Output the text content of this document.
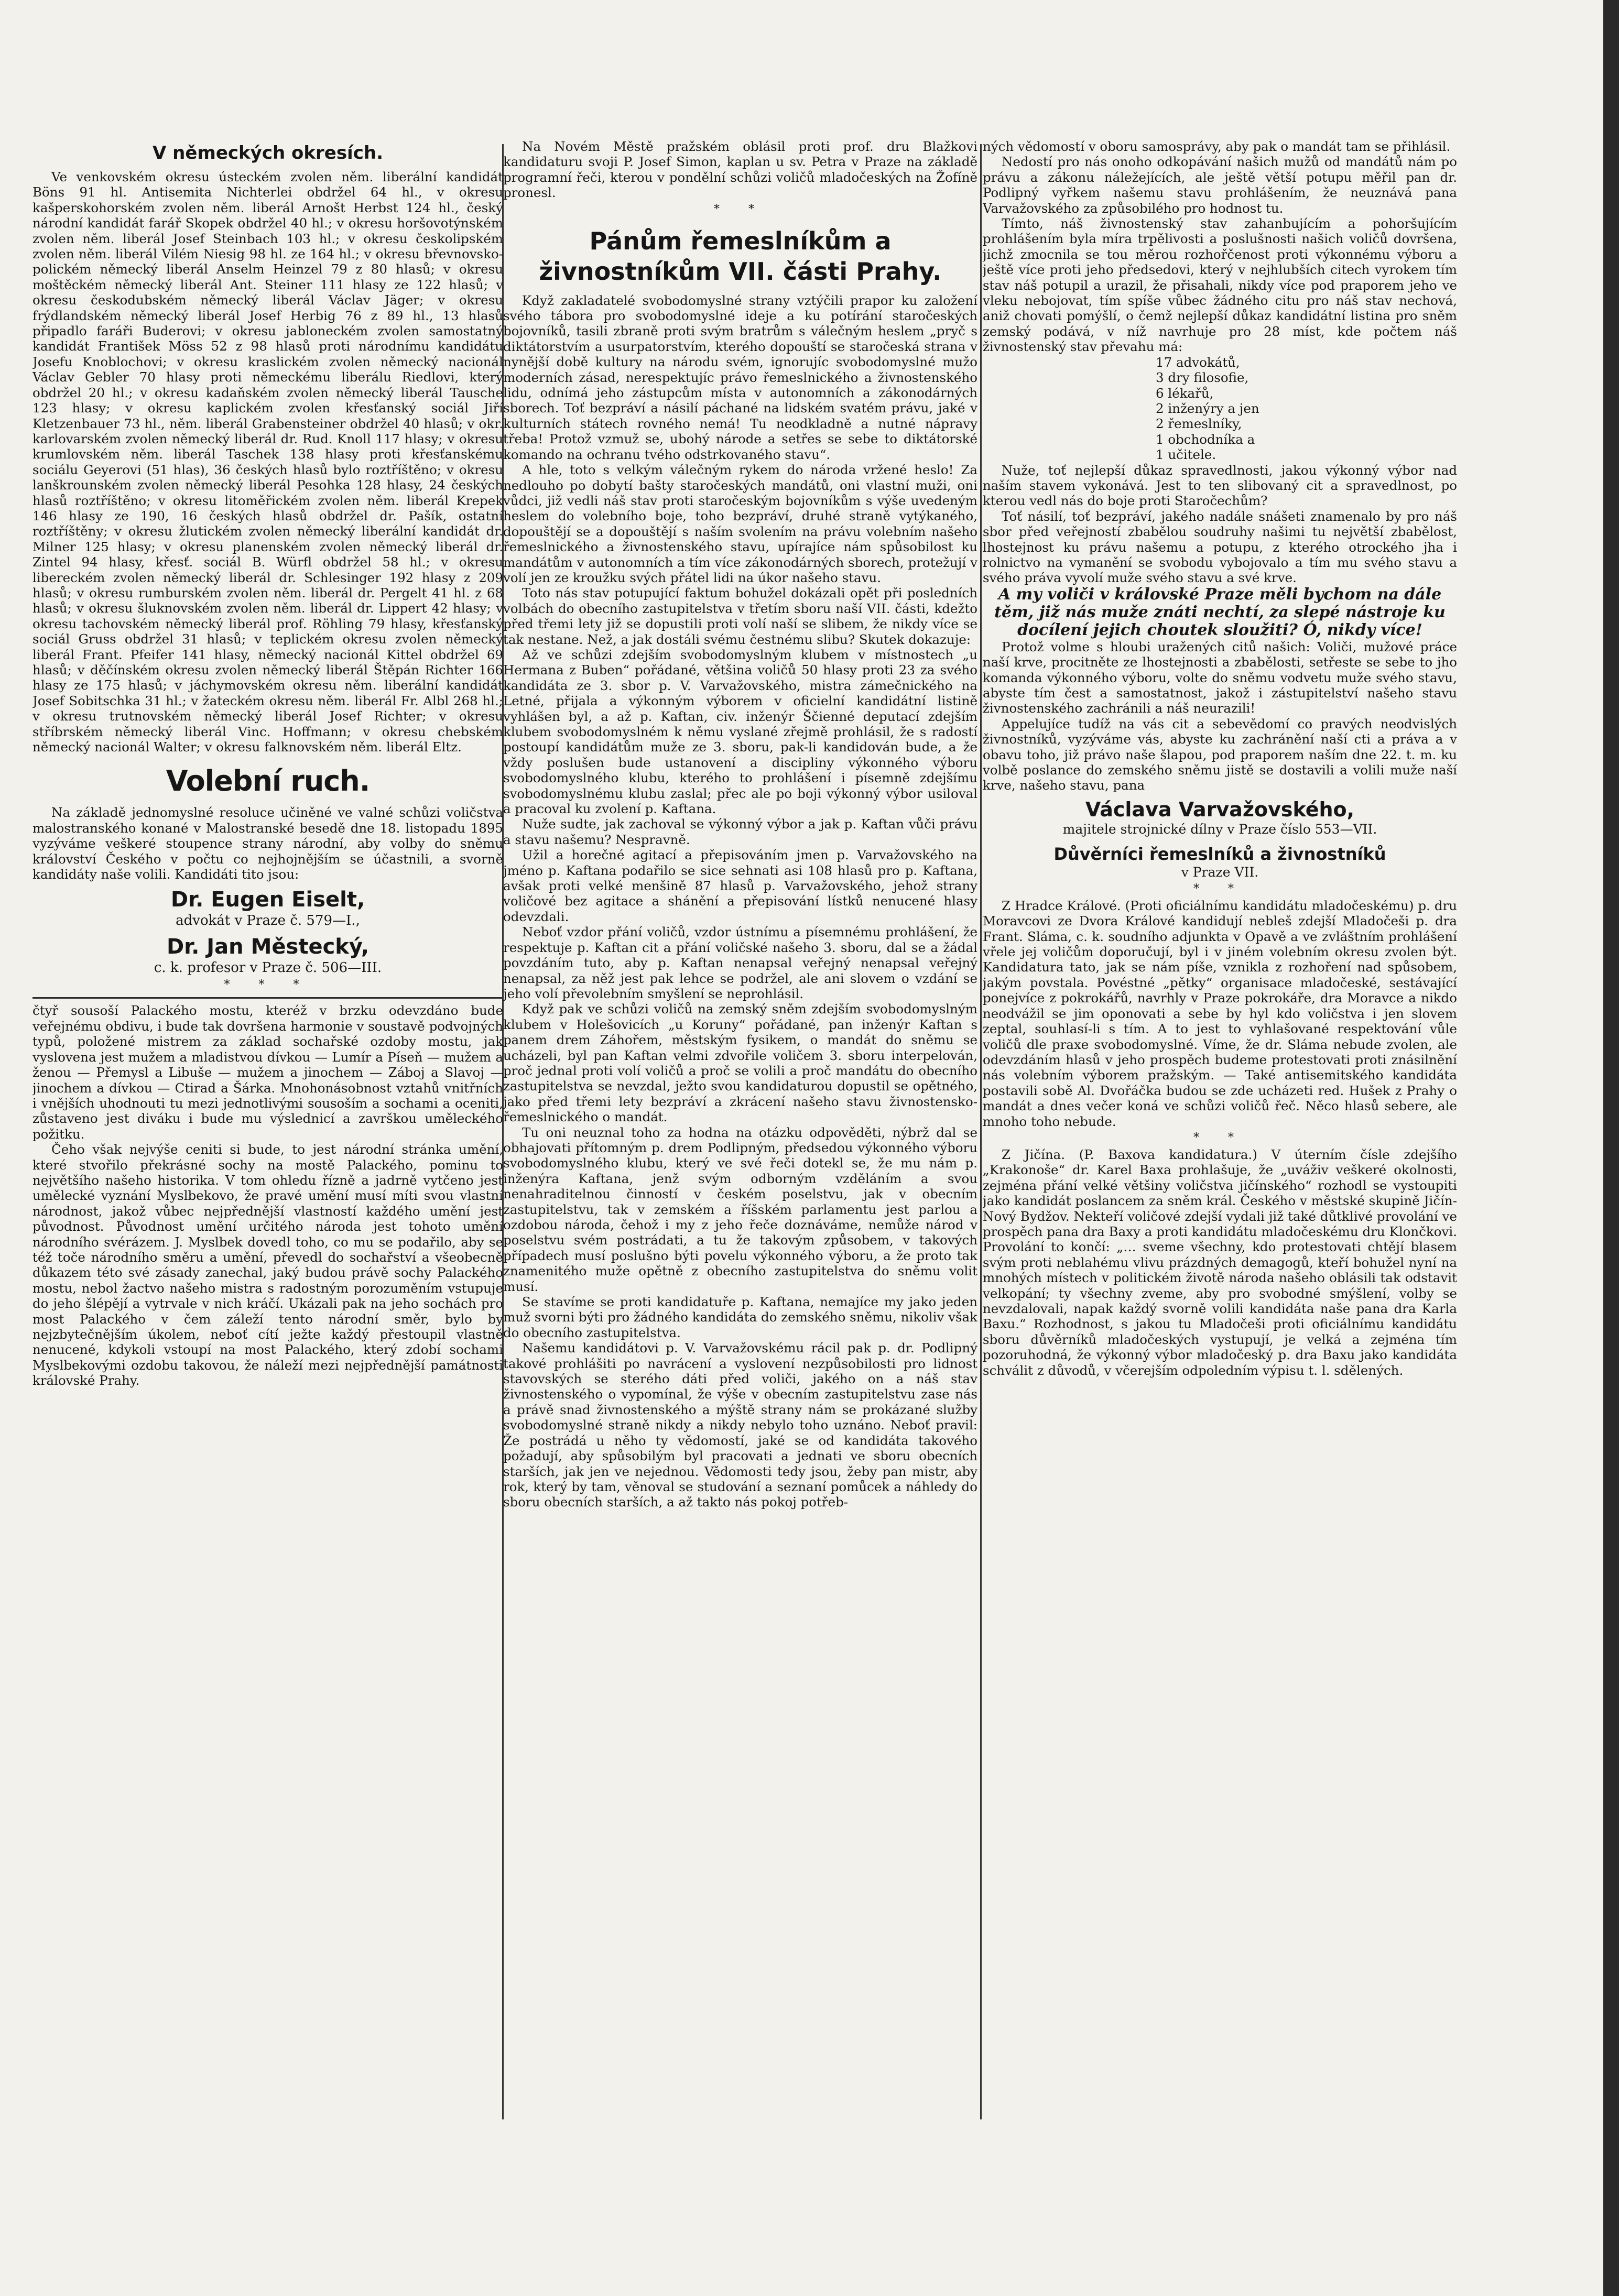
V německých okresích.

Ve venkovském okresu ústeckém zvolen něm. liberální kandidát Böns 91 hl. Antisemita Nichterlei obdržel 64 hl., v okresu kašperskohorském zvolen něm. liberál Arnošt Herbst 124 hl., český národní kandidát farář Skopek obdržel 40 hl.; v okresu horšovotýnském zvolen něm. liberál Josef Steinbach 103 hl.; v okresu českolipském zvolen něm. liberál Vilém Niesig 98 hl. ze 164 hl.; v okresu břevnovsko-polickém německý liberál Anselm Heinzel 79 z 80 hlasů; v okresu moštěckém německý liberál Ant. Steiner 111 hlasy ze 122 hlasů; v okresu českodubském německý liberál Václav Jäger; v okresu frýdlandském německý liberál Josef Herbig 76 z 89 hl., 13 hlasů připadlo faráři Buderovi; v okresu jabloneckém zvolen samostatný kandidát František Möss 52 z 98 hlasů proti národnímu kandidátu Josefu Knoblochovi; v okresu kraslickém zvolen německý nacionál Václav Gebler 70 hlasy proti německému liberálu Riedlovi, který obdržel 20 hl.; v okresu kadaňském zvolen německý liberál Tausche 123 hlasy; v okresu kaplickém zvolen křesťanský sociál Jiří Kletzenbauer 73 hl., něm. liberál Grabensteiner obdržel 40 hlasů; v okr. karlovarském zvolen německý liberál dr. Rud. Knoll 117 hlasy; v okresu krumlovském něm. liberál Taschek 138 hlasy proti křesťanskému sociálu Geyerovi (51 hlas), 36 českých hlasů bylo roztříštěno; v okresu lanškrounském zvolen německý liberál Pesohka 128 hlasy, 24 českých hlasů roztříštěno; v okresu litoměřickém zvolen něm. liberál Krepek 146 hlasy ze 190, 16 českých hlasů obdržel dr. Pašík, ostatní roztříštěny; v okresu žlutickém zvolen německý liberální kandidát dr. Milner 125 hlasy; v okresu planenském zvolen německý liberál dr. Zintel 94 hlasy, křesť. sociál B. Würfl obdržel 58 hl.; v okresu libereckém zvolen německý liberál dr. Schlesinger 192 hlasy z 209 hlasů; v okresu rumburském zvolen něm. liberál dr. Pergelt 41 hl. z 68 hlasů; v okresu šluknovském zvolen něm. liberál dr. Lippert 42 hlasy; v okresu tachovském německý liberál prof. Röhling 79 hlasy, křesťanský sociál Gruss obdržel 31 hlasů; v teplickém okresu zvolen německý liberál Frant. Pfeifer 141 hlasy, německý nacionál Kittel obdržel 69 hlasů; v děčínském okresu zvolen německý liberál Štěpán Richter 166 hlasy ze 175 hlasů; v jáchymovském okresu něm. liberální kandidát Josef Sobitschka 31 hl.; v žateckém okresu něm. liberál Fr. Albl 268 hl.; v okresu trutnovském německý liberál Josef Richter; v okresu stříbrském německý liberál Vinc. Hoffmann; v okresu chebském německý nacionál Walter; v okresu falknovském něm. liberál Eltz.

Volební ruch.

Na základě jednomyslné resoluce učiněné ve valné schůzi voličstva malostranského konané v Malostranské besedě dne 18. listopadu 1895 vyzýváme veškeré stoupence strany národní, aby volby do sněmu království Českého v počtu co nejhojnějším se účastnili, a svorně kandidáty naše volili. Kandidáti tito jsou:

Dr. Eugen Eiselt,
advokát v Praze č. 579—I.,
Dr. Jan Městecký,
c. k. profesor v Praze č. 506—III.
* * *

čtyř sousoší Palackého mostu, kteréž v brzku odevzdáno bude veřejnému obdivu, i bude tak dovršena harmonie v soustavě podvojných typů, položené mistrem za základ sochařské ozdoby mostu, jak vyslovena jest mužem a mladistvou dívkou — Lumír a Píseň — mužem a ženou — Přemysl a Libuše — mužem a jinochem — Záboj a Slavoj — jinochem a dívkou — Ctirad a Šárka. Mnohonásobnost vztahů vnitřních i vnějších uhodnouti tu mezi jednotlivými sousoším a sochami a oceniti, zůstaveno jest diváku i bude mu výslednicí a završkou uměleckého požitku.

Čeho však nejvýše ceniti si bude, to jest národní stránka umění, které stvořilo překrásné sochy na mostě Palackého, pominu to největšího našeho historika. V tom ohledu řízně a jadrně vytčeno jest umělecké vyznání Myslbekovo, že pravé umění musí míti svou vlastní národnost, jakož vůbec nejpřednější vlastností každého umění jest původnost. Původnost umění určitého národa jest tohoto umění národního svérázem. J. Myslbek dovedl toho, co mu se podařilo, aby se též toče národního směru a umění, převedl do sochařství a všeobecně důkazem této své zásady zanechal, jaký budou právě sochy Palackého mostu, nebol žactvo našeho mistra s radostným porozuměním vstupuje do jeho šlépějí a vytrvale v nich kráčí. Ukázali pak na jeho sochách pro most Palackého v čem záleží tento národní směr, bylo by nejzbytečnějším úkolem, neboť cítí ježte každý přestoupil vlastně nenucené, kdykoli vstoupí na most Palackého, který zdobí sochami Myslbekovými ozdobu takovou, že náleží mezi nejpřednější památnosti královské Prahy.

Na Novém Městě pražském oblásil proti prof. dru Blažkovi kandidaturu svoji P. Josef Simon, kaplan u sv. Petra v Praze na základě programní řeči, kterou v pondělní schůzi voličů mladočeských na Žofíně pronesl.

* *
Pánům řemeslníkům a živnostníkům VII. části Prahy.

Když zakladatelé svobodomyslné strany vztýčili prapor ku založení svého tábora pro svobodomyslné ideje a ku potírání staročeských bojovníků, tasili zbraně proti svým bratrům s válečným heslem „pryč s diktátorstvím a usurpatorstvím, kterého dopouští se staročeská strana v nynější době kultury na národu svém, ignorujíc svobodomyslné mužo moderních zásad, nerespektujíc právo řemeslnického a živnostenského lidu, odnímá jeho zástupcům místa v autonomních a zákonodárných sborech. Toť bezpráví a násilí páchané na lidském svatém právu, jaké v kulturních státech rovného nemá! Tu neodkladně a nutné nápravy třeba! Protož vzmuž se, ubohý národe a setřes se sebe to diktátorské komando na ochranu tvého odstrkovaného stavu“.

A hle, toto s velkým válečným rykem do národa vržené heslo! Za nedlouho po dobytí bašty staročeských mandátů, oni vlastní muži, oni vůdci, již vedli náš stav proti staročeským bojovníkům s výše uvedeným heslem do volebního boje, toho bezpráví, druhé straně vytýkaného, dopouštějí se a dopouštějí s naším svolením na právu volebním našeho řemeslnického a živnostenského stavu, upírajíce nám spůsobilost ku mandátům v autonomních a tím více zákonodárných sborech, protežují v volí jen ze kroužku svých přátel lidi na úkor našeho stavu.

Toto nás stav potupující faktum bohužel dokázali opět při posledních volbách do obecního zastupitelstva v třetím sboru naší VII. části, kdežto před třemi lety již se dopustili proti volí naší se slibem, že nikdy více se tak nestane. Než, a jak dostáli svému čestnému slibu? Skutek dokazuje:

Až ve schůzi zdejším svobodomyslným klubem v místnostech „u Hermana z Buben“ pořádané, většina voličů 50 hlasy proti 23 za svého kandidáta ze 3. sbor p. V. Varvažovského, mistra zámečnického na Letné, přijala a výkonným výborem v oficielní kandidátní listině vyhlášen byl, a až p. Kaftan, civ. inženýr Ščienné deputací zdejším klubem svobodomyslném k němu vyslané zřejmě prohlásil, že s radostí postoupí kandidátům muže ze 3. sboru, pak-li kandidován bude, a že vždy poslušen bude ustanovení a discipliny výkonného výboru svobodomyslného klubu, kterého to prohlášení i písemně zdejšímu svobodomyslnému klubu zaslal; přec ale po boji výkonný výbor usiloval a pracoval ku zvolení p. Kaftana.

Nuže sudte, jak zachoval se výkonný výbor a jak p. Kaftan vůči právu a stavu našemu? Nespravně.

Užil a horečné agitací a přepisováním jmen p. Varvažovského na jméno p. Kaftana podařilo se sice sehnati asi 108 hlasů pro p. Kaftana, avšak proti velké menšině 87 hlasů p. Varvažovského, jehož strany voličové bez agitace a shánění a přepisování lístků nenucené hlasy odevzdali.

Neboť vzdor přání voličů, vzdor ústnímu a písemnému prohlášení, že respektuje p. Kaftan cit a přání voličské našeho 3. sboru, dal se a žádal povzdáním tuto, aby p. Kaftan nenapsal veřejný nenapsal veřejný nenapsal, za něž jest pak lehce se podržel, ale ani slovem o vzdání se jeho volí převolebním smyšlení se neprohlásil.

Když pak ve schůzi voličů na zemský sněm zdejším svobodomyslným klubem v Holešovicích „u Koruny“ pořádané, pan inženýr Kaftan s panem drem Záhořem, městským fysikem, o mandát do sněmu se ucházeli, byl pan Kaftan velmi zdvořile voličem 3. sboru interpelován, proč jednal proti volí voličů a proč se volili a proč mandátu do obecního zastupitelstva se nevzdal, ježto svou kandidaturou dopustil se opětného, jako před třemi lety bezpráví a zkrácení našeho stavu živnostensko-řemeslnického o mandát.

Tu oni neuznal toho za hodna na otázku odpověděti, nýbrž dal se obhajovati přítomným p. drem Podlipným, předsedou výkonného výboru svobodomyslného klubu, který ve své řeči dotekl se, že mu nám p. inženýra Kaftana, jenž svým odborným vzděláním a svou nenahraditelnou činností v českém poselstvu, jak v obecním zastupitelstvu, tak v zemském a říšském parlamentu jest parlou a ozdobou národa, čehož i my z jeho řeče doznáváme, nemůže národ v poselstvu svém postrádati, a tu že takovým způsobem, v takových případech musí poslušno býti povelu výkonného výboru, a že proto tak znamenitého muže opětně z obecního zastupitelstva do sněmu volit musí.

Se stavíme se proti kandidatuře p. Kaftana, nemajíce my jako jeden muž svorni býti pro žádného kandidáta do zemského sněmu, nikoliv však do obecního zastupitelstva.

Našemu kandidátovi p. V. Varvažovskému rácil pak p. dr. Podlipný takové prohlášiti po navrácení a vyslovení nezpůsobilosti pro lidnost stavovských se sterého dáti před voliči, jakého on a náš stav živnostenského o vypomínal, že výše v obecním zastupitelstvu zase nás a právě snad živnostenského a mýště strany nám se prokázané služby svobodomyslné straně nikdy a nikdy nebylo toho uznáno. Neboť pravil: Že postrádá u něho ty vědomostí, jaké se od kandidáta takového požadují, aby spůsobilým byl pracovati a jednati ve sboru obecních starších, jak jen ve nejednou. Vědomosti tedy jsou, žeby pan mistr, aby rok, který by tam, věnoval se studování a seznaní pomůcek a náhledy do sboru obecních starších, a až takto nás pokoj potřeb-

ných vědomostí v oboru samosprávy, aby pak o mandát tam se přihlásil.

Nedostí pro nás onoho odkopávání našich mužů od mandátů nám po právu a zákonu náležejících, ale ještě větší potupu měřil pan dr. Podlipný vyřkem našemu stavu prohlášením, že neuznává pana Varvažovského za způsobilého pro hodnost tu.

Tímto, náš živnostenský stav zahanbujícím a pohoršujícím prohlášením byla míra trpělivosti a poslušnosti našich voličů dovršena, jichž zmocnila se tou měrou rozhořčenost proti výkonnému výboru a ještě více proti jeho předsedovi, který v nejhlubších citech vyrokem tím stav náš potupil a urazil, že přisahali, nikdy více pod praporem jeho ve vleku nebojovat, tím spíše vůbec žádného citu pro náš stav nechová, aniž chovati pomýšlí, o čemž nejlepší důkaz kandidátní listina pro sněm zemský podává, v níž navrhuje pro 28 míst, kde počtem náš živnostenský stav převahu má:

17 advokátů,
3 dry filosofie,
6 lékařů,
2 inženýry a jen
2 řemeslníky,
1 obchodníka a
1 učitele.

Nuže, toť nejlepší důkaz spravedlnosti, jakou výkonný výbor nad naším stavem vykonává. Jest to ten slibovaný cit a spravedlnost, po kterou vedl nás do boje proti Staročechům?

Toť násilí, toť bezpráví, jakého nadále snášeti znamenalo by pro náš sbor před veřejností zbabělou soudruhy našimi tu největší zbabělost, lhostejnost ku právu našemu a potupu, z kterého otrockého jha i rolnictvo na vymanění se svobodu vybojovalo a tím mu svého stavu a svého práva vyvolí muže svého stavu a své krve.

A my voliči v královské Praze měli bychom na dále těm, již nás muže znáti nechtí, za slepé nástroje ku docílení jejich choutek sloužiti? Ó, nikdy více!

Protož volme s hloubi uražených citů našich: Voliči, mužové práce naší krve, procitněte ze lhostejnosti a zbabělosti, setřeste se sebe to jho komanda výkonného výboru, volte do sněmu vodvetu muže svého stavu, abyste tím čest a samostatnost, jakož i zástupitelství našeho stavu živnostenského zachránili a náš neurazili!

Appelujíce tudíž na vás cit a sebevědomí co pravých neodvislých živnostníků, vyzýváme vás, abyste ku zachránění naší cti a práva a v obavu toho, již právo naše šlapou, pod praporem naším dne 22. t. m. ku volbě poslance do zemského sněmu jistě se dostavili a volili muže naší krve, našeho stavu, pana

Václava Varvažovského,
majitele strojnické dílny v Praze číslo 553—VII.
Důvěrníci řemeslníků a živnostníků
v Praze VII.
* *

Z Hradce Králové. (Proti oficiálnímu kandidátu mladočeskému) p. dru Moravcovi ze Dvora Králové kandidují nebleš zdejší Mladočeši p. dra Frant. Sláma, c. k. soudního adjunkta v Opavě a ve zvláštním prohlášení vřele jej voličům doporučují, byl i v jiném volebním okresu zvolen být. Kandidatura tato, jak se nám píše, vznikla z rozhoření nad spůsobem, jakým povstala. Povéstné „pětky“ organisace mladočeské, sestávající ponejvíce z pokrokářů, navrhly v Praze pokrokáře, dra Moravce a nikdo neodvážil se jim oponovati a sebe by hyl kdo voličstva i jen slovem zeptal, souhlasí-li s tím. A to jest to vyhlašované respektování vůle voličů dle praxe svobodomyslné. Víme, že dr. Sláma nebude zvolen, ale odevzdáním hlasů v jeho prospěch budeme protestovati proti znásilnění nás volebním výborem pražským. — Také antisemitského kandidáta postavili sobě Al. Dvořáčka budou se zde ucházeti red. Hušek z Prahy o mandát a dnes večer koná ve schůzi voličů řeč. Něco hlasů sebere, ale mnoho toho nebude.

* *

Z Jičína. (P. Baxova kandidatura.) V úterním čísle zdejšího „Krakonoše“ dr. Karel Baxa prohlašuje, že „uváživ veškeré okolnosti, zejména přání velké většiny voličstva jičínského“ rozhodl se vystoupiti jako kandidát poslancem za sněm král. Českého v městské skupině Jičín-Nový Bydžov. Nekteří voličové zdejší vydali již také důtklivé provolání ve prospěch pana dra Baxy a proti kandidátu mladočeskému dru Klončkovi. Provolání to končí: „… sveme všechny, kdo protestovati chtějí blasem svým proti neblahému vlivu prázdných demagogů, kteří bohužel nyní na mnohých místech v politickém životě národa našeho oblásili tak odstavit velkopání; ty všechny zveme, aby pro svobodné smýšlení, volby se nevzdalovali, napak každý svorně volili kandidáta naše pana dra Karla Baxu.“ Rozhodnost, s jakou tu Mladočeši proti oficiálnímu kandidátu sboru důvěrníků mladočeských vystupují, je velká a zejména tím pozoruhodná, že výkonný výbor mladočeský p. dra Baxu jako kandidáta schválit z důvodů, v včerejším odpoledním výpisu t. l. sdělených.
